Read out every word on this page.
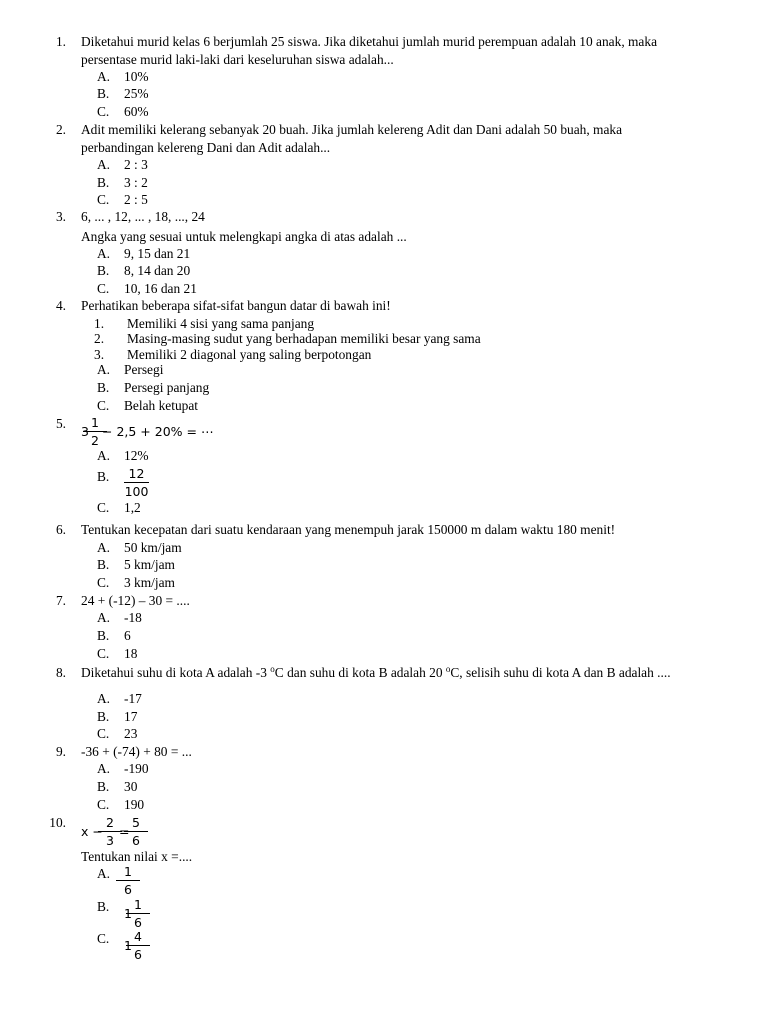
1. Diketahui murid kelas 6 berjumlah 25 siswa. Jika diketahui jumlah murid perempuan adalah 10 anak, maka
persentase murid laki-laki dari keseluruhan siswa adalah...
A. 10%
B. 25%
C. 60%
2. Adit memiliki kelerang sebanyak 20 buah. Jika jumlah kelereng Adit dan Dani adalah 50 buah, maka
perbandingan kelereng Dani dan Adit adalah...
A. 2 : 3
B. 3 : 2
C. 2 : 5
3. 6, ... , 12, ... , 18, ..., 24
Angka yang sesuai untuk melengkapi angka di atas adalah ...
A. 9, 15 dan 21
B. 8, 14 dan 20
C. 10, 16 dan 21
4. Perhatikan beberapa sifat-sifat bangun datar di bawah ini!
1. Memiliki 4 sisi yang sama panjang
2. Masing-masing sudut yang berhadapan memiliki besar yang sama
3. Memiliki 2 diagonal yang saling berpotongan
A. Persegi
B. Persegi panjang
C. Belah ketupat
5.
3
1
2
− 2,5 + 20% = ⋯
A. 12%
B.	12
100
C. 1,2
6. Tentukan kecepatan dari suatu kendaraan yang menempuh jarak 150000 m dalam waktu 180 menit!
A. 50 km/jam
B. 5 km/jam
C. 3 km/jam
7. 24 + (-12) – 30 = ....
A. -18
B. 6
C. 18
8. Diketahui suhu di kota A adalah -3 $^o$C dan suhu di kota B adalah 20 $^o$C, selisih suhu di kota A dan B adalah ....
A. -17
B. 17
C. 23
9. -36 + (-74) + 80 = ...
A. -190
B. 30
C. 190
10.
x −
2
3
=
5
6
Tentukan nilai x =....
A.	1
6
B. 1
1
6
C. 1
4
6
